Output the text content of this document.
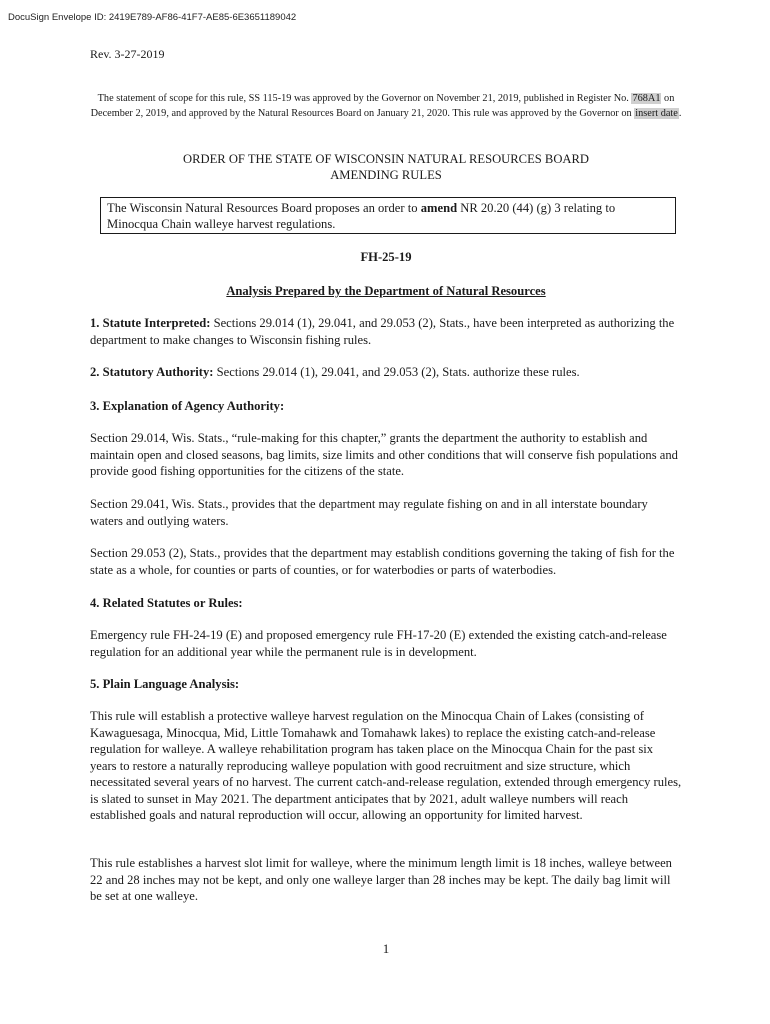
DocuSign Envelope ID: 2419E789-AF86-41F7-AE85-6E3651189042
Rev. 3-27-2019
The statement of scope for this rule, SS 115-19 was approved by the Governor on November 21, 2019, published in Register No. 768A1 on December 2, 2019, and approved by the Natural Resources Board on January 21, 2020. This rule was approved by the Governor on insert date.
ORDER OF THE STATE OF WISCONSIN NATURAL RESOURCES BOARD
AMENDING RULES
The Wisconsin Natural Resources Board proposes an order to amend NR 20.20 (44) (g) 3 relating to Minocqua Chain walleye harvest regulations.
FH-25-19
Analysis Prepared by the Department of Natural Resources

1. Statute Interpreted: Sections 29.014 (1), 29.041, and 29.053 (2), Stats., have been interpreted as authorizing the department to make changes to Wisconsin fishing rules.

2. Statutory Authority: Sections 29.014 (1), 29.041, and 29.053 (2), Stats. authorize these rules.

3. Explanation of Agency Authority:

Section 29.014, Wis. Stats., “rule-making for this chapter,” grants the department the authority to establish and maintain open and closed seasons, bag limits, size limits and other conditions that will conserve fish populations and provide good fishing opportunities for the citizens of the state.

Section 29.041, Wis. Stats., provides that the department may regulate fishing on and in all interstate boundary waters and outlying waters.

Section 29.053 (2), Stats., provides that the department may establish conditions governing the taking of fish for the state as a whole, for counties or parts of counties, or for waterbodies or parts of waterbodies.

4. Related Statutes or Rules:

Emergency rule FH-24-19 (E) and proposed emergency rule FH-17-20 (E) extended the existing catch-and-release regulation for an additional year while the permanent rule is in development.

5. Plain Language Analysis:

This rule will establish a protective walleye harvest regulation on the Minocqua Chain of Lakes (consisting of Kawaguesaga, Minocqua, Mid, Little Tomahawk and Tomahawk lakes) to replace the existing catch-and-release regulation for walleye. A walleye rehabilitation program has taken place on the Minocqua Chain for the past six years to restore a naturally reproducing walleye population with good recruitment and size structure, which necessitated several years of no harvest. The current catch-and-release regulation, extended through emergency rules, is slated to sunset in May 2021. The department anticipates that by 2021, adult walleye numbers will reach established goals and natural reproduction will occur, allowing an opportunity for limited harvest.

This rule establishes a harvest slot limit for walleye, where the minimum length limit is 18 inches, walleye between 22 and 28 inches may not be kept, and only one walleye larger than 28 inches may be kept. The daily bag limit will be set at one walleye.

1
